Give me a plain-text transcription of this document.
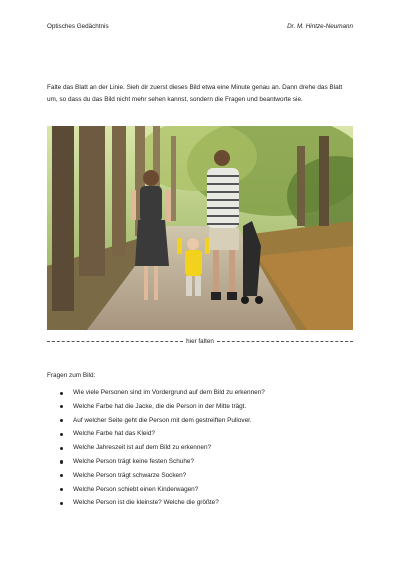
Optisches Gedächtnis	Dr. M. Hintze-Neumann
Falte das Blatt an der Linie. Sieh dir zuerst dieses Bild etwa eine Minute genau an. Dann drehe das Blatt um, so dass du das Bild nicht mehr sehen kannst, sondern die Fragen und beantworte sie.
hier falten
Fragen zum Bild:
Wie viele Personen sind im Vordergrund auf dem Bild zu erkennen?
Welche Farbe hat die Jacke, die die Person in der Mitte trägt.
Auf welcher Seite geht die Person mit dem gestreiften Pullover.
Welche Farbe hat das Kleid?
Welche Jahreszeit ist auf dem Bild zu erkennen?
Welche Person trägt keine festen Schuhe?
Welche Person trägt schwarze Socken?
Welche Person schiebt einen Kinderwagen?
Welche Person ist die kleinste? Welche die größte?
